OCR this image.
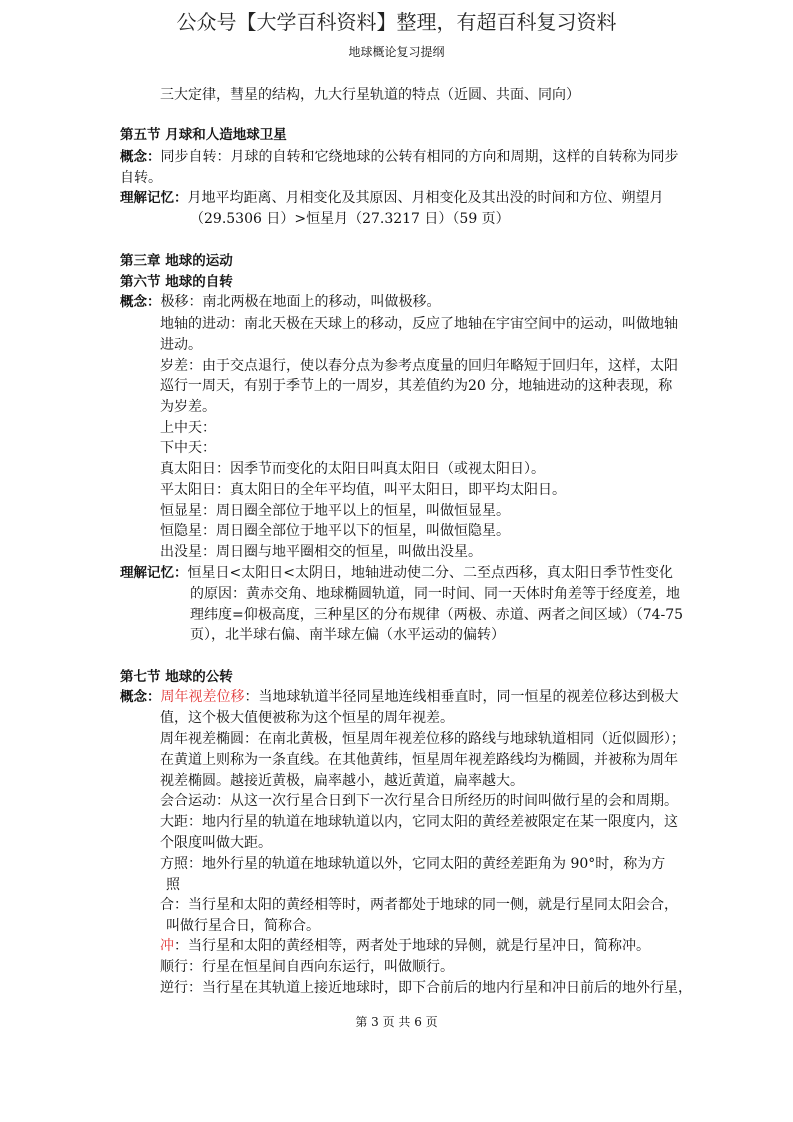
公众号【大学百科资料】整理，有超百科复习资料
地球概论复习提纲
三大定律，彗星的结构，九大行星轨道的特点（近圆、共面、同向）
第五节 月球和人造地球卫星
概念：同步自转：月球的自转和它绕地球的公转有相同的方向和周期，这样的自转称为同步
自转。
理解记忆：月地平均距离、月相变化及其原因、月相变化及其出没的时间和方位、朔望月
（29.5306 日）>恒星月（27.3217 日）（59 页）
第三章 地球的运动
第六节 地球的自转
概念：极移：南北两极在地面上的移动，叫做极移。
地轴的进动：南北天极在天球上的移动，反应了地轴在宇宙空间中的运动，叫做地轴
进动。
岁差：由于交点退行，使以春分点为参考点度量的回归年略短于回归年，这样，太阳
巡行一周天，有别于季节上的一周岁，其差值约为20 分，地轴进动的这种表现，称
为岁差。
上中天：
下中天：
真太阳日：因季节而变化的太阳日叫真太阳日（或视太阳日）。
平太阳日：真太阳日的全年平均值，叫平太阳日，即平均太阳日。
恒显星：周日圈全部位于地平以上的恒星，叫做恒显星。
恒隐星：周日圈全部位于地平以下的恒星，叫做恒隐星。
出没星：周日圈与地平圈相交的恒星，叫做出没星。
理解记忆：恒星日<太阳日<太阴日，地轴进动使二分、二至点西移，真太阳日季节性变化
的原因：黄赤交角、地球椭圆轨道，同一时间、同一天体时角差等于经度差，地
理纬度=仰极高度，三种星区的分布规律（两极、赤道、两者之间区域）（74-75
页），北半球右偏、南半球左偏（水平运动的偏转）
第七节 地球的公转
概念：周年视差位移：当地球轨道半径同星地连线相垂直时，同一恒星的视差位移达到极大
值，这个极大值便被称为这个恒星的周年视差。
周年视差椭圆：在南北黄极，恒星周年视差位移的路线与地球轨道相同（近似圆形）；
在黄道上则称为一条直线。在其他黄纬，恒星周年视差路线均为椭圆，并被称为周年
视差椭圆。越接近黄极，扁率越小，越近黄道，扁率越大。
会合运动：从这一次行星合日到下一次行星合日所经历的时间叫做行星的会和周期。
大距：地内行星的轨道在地球轨道以内，它同太阳的黄经差被限定在某一限度内，这
个限度叫做大距。
方照：地外行星的轨道在地球轨道以外，它同太阳的黄经差距角为 90°时，称为方
照
合：当行星和太阳的黄经相等时，两者都处于地球的同一侧，就是行星同太阳会合，
叫做行星合日，简称合。
冲：当行星和太阳的黄经相等，两者处于地球的异侧，就是行星冲日，简称冲。
顺行：行星在恒星间自西向东运行，叫做顺行。
逆行：当行星在其轨道上接近地球时，即下合前后的地内行星和冲日前后的地外行星，
第 3 页 共 6 页
